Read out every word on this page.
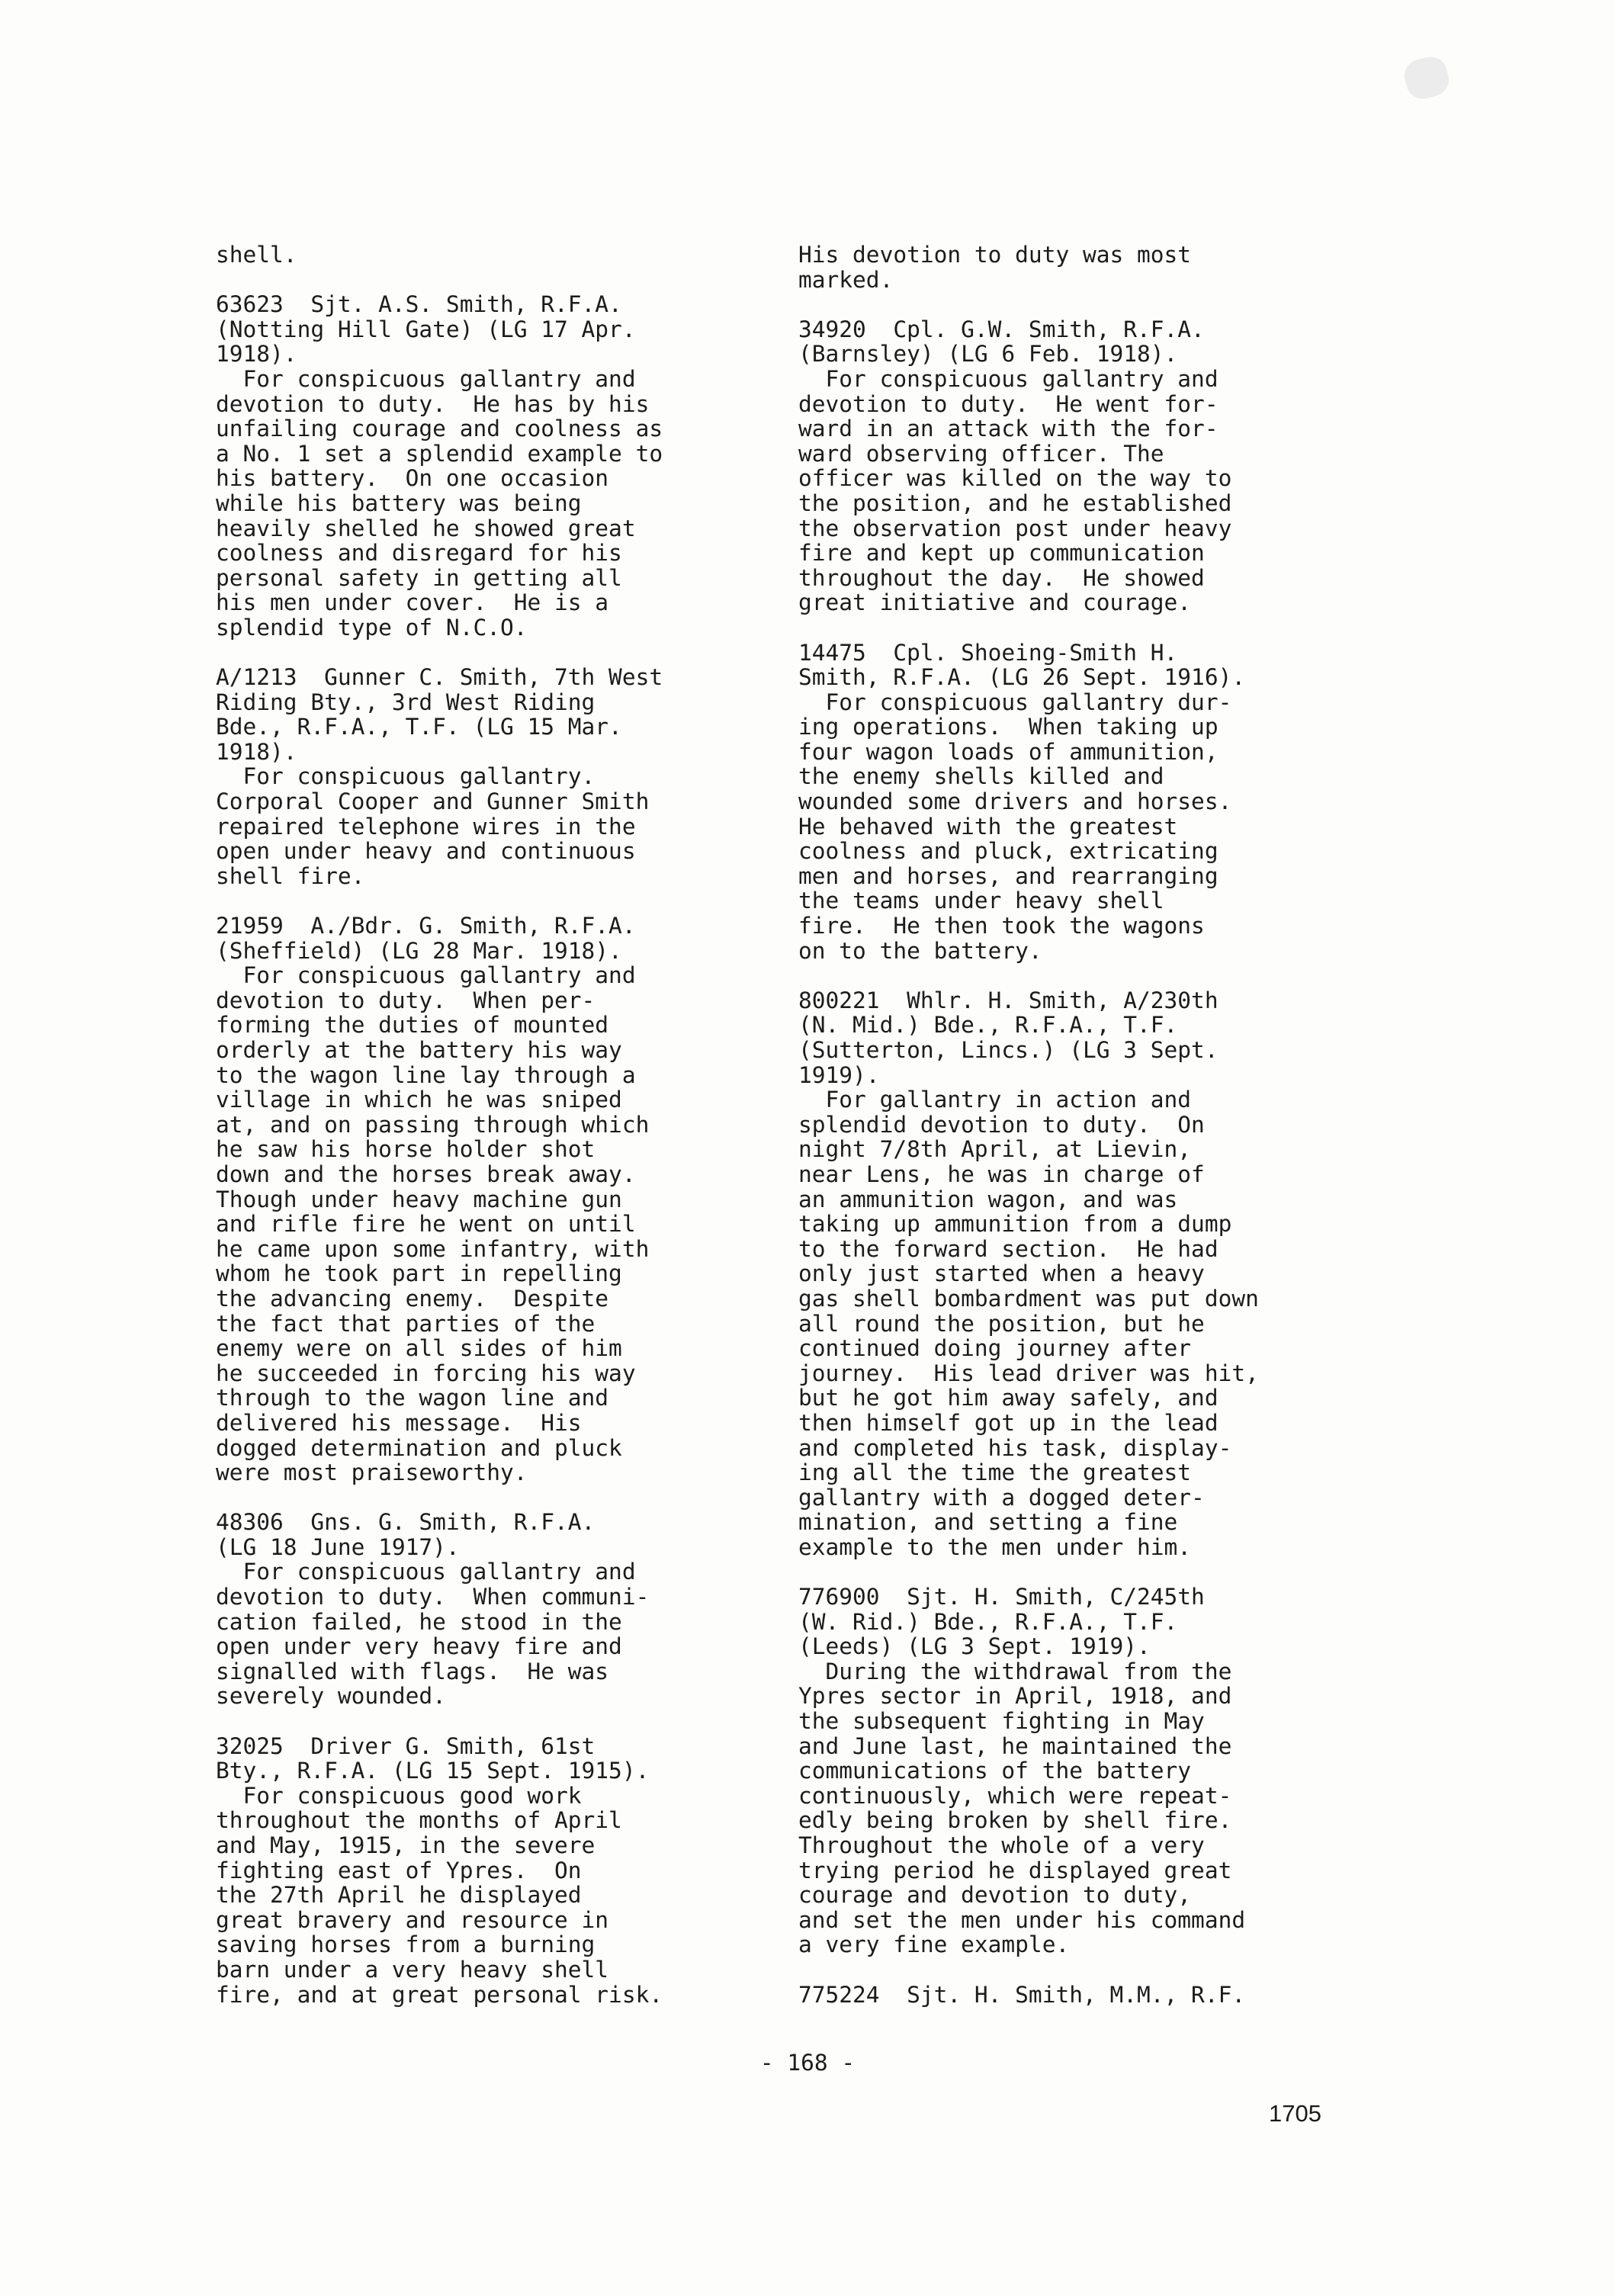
shell.
63623  Sjt. A.S. Smith, R.F.A.
(Notting Hill Gate) (LG 17 Apr.
1918).
For conspicuous gallantry and
devotion to duty.  He has by his
unfailing courage and coolness as
a No. 1 set a splendid example to
his battery.  On one occasion
while his battery was being
heavily shelled he showed great
coolness and disregard for his
personal safety in getting all
his men under cover.  He is a
splendid type of N.C.O.
A/1213  Gunner C. Smith, 7th West
Riding Bty., 3rd West Riding
Bde., R.F.A., T.F. (LG 15 Mar.
1918).
For conspicuous gallantry.
Corporal Cooper and Gunner Smith
repaired telephone wires in the
open under heavy and continuous
shell fire.
21959  A./Bdr. G. Smith, R.F.A.
(Sheffield) (LG 28 Mar. 1918).
For conspicuous gallantry and
devotion to duty.  When per-
forming the duties of mounted
orderly at the battery his way
to the wagon line lay through a
village in which he was sniped
at, and on passing through which
he saw his horse holder shot
down and the horses break away.
Though under heavy machine gun
and rifle fire he went on until
he came upon some infantry, with
whom he took part in repelling
the advancing enemy.  Despite
the fact that parties of the
enemy were on all sides of him
he succeeded in forcing his way
through to the wagon line and
delivered his message.  His
dogged determination and pluck
were most praiseworthy.
48306  Gns. G. Smith, R.F.A.
(LG 18 June 1917).
For conspicuous gallantry and
devotion to duty.  When communi-
cation failed, he stood in the
open under very heavy fire and
signalled with flags.  He was
severely wounded.
32025  Driver G. Smith, 61st
Bty., R.F.A. (LG 15 Sept. 1915).
For conspicuous good work
throughout the months of April
and May, 1915, in the severe
fighting east of Ypres.  On
the 27th April he displayed
great bravery and resource in
saving horses from a burning
barn under a very heavy shell
fire, and at great personal risk.
His devotion to duty was most
marked.
34920  Cpl. G.W. Smith, R.F.A.
(Barnsley) (LG 6 Feb. 1918).
For conspicuous gallantry and
devotion to duty.  He went for-
ward in an attack with the for-
ward observing officer. The
officer was killed on the way to
the position, and he established
the observation post under heavy
fire and kept up communication
throughout the day.  He showed
great initiative and courage.
14475  Cpl. Shoeing-Smith H.
Smith, R.F.A. (LG 26 Sept. 1916).
For conspicuous gallantry dur-
ing operations.  When taking up
four wagon loads of ammunition,
the enemy shells killed and
wounded some drivers and horses.
He behaved with the greatest
coolness and pluck, extricating
men and horses, and rearranging
the teams under heavy shell
fire.  He then took the wagons
on to the battery.
800221  Whlr. H. Smith, A/230th
(N. Mid.) Bde., R.F.A., T.F.
(Sutterton, Lincs.) (LG 3 Sept.
1919).
For gallantry in action and
splendid devotion to duty.  On
night 7/8th April, at Lievin,
near Lens, he was in charge of
an ammunition wagon, and was
taking up ammunition from a dump
to the forward section.  He had
only just started when a heavy
gas shell bombardment was put down
all round the position, but he
continued doing journey after
journey.  His lead driver was hit,
but he got him away safely, and
then himself got up in the lead
and completed his task, display-
ing all the time the greatest
gallantry with a dogged deter-
mination, and setting a fine
example to the men under him.
776900  Sjt. H. Smith, C/245th
(W. Rid.) Bde., R.F.A., T.F.
(Leeds) (LG 3 Sept. 1919).
During the withdrawal from the
Ypres sector in April, 1918, and
the subsequent fighting in May
and June last, he maintained the
communications of the battery
continuously, which were repeat-
edly being broken by shell fire.
Throughout the whole of a very
trying period he displayed great
courage and devotion to duty,
and set the men under his command
a very fine example.
775224  Sjt. H. Smith, M.M., R.F.
- 168 -
1705
